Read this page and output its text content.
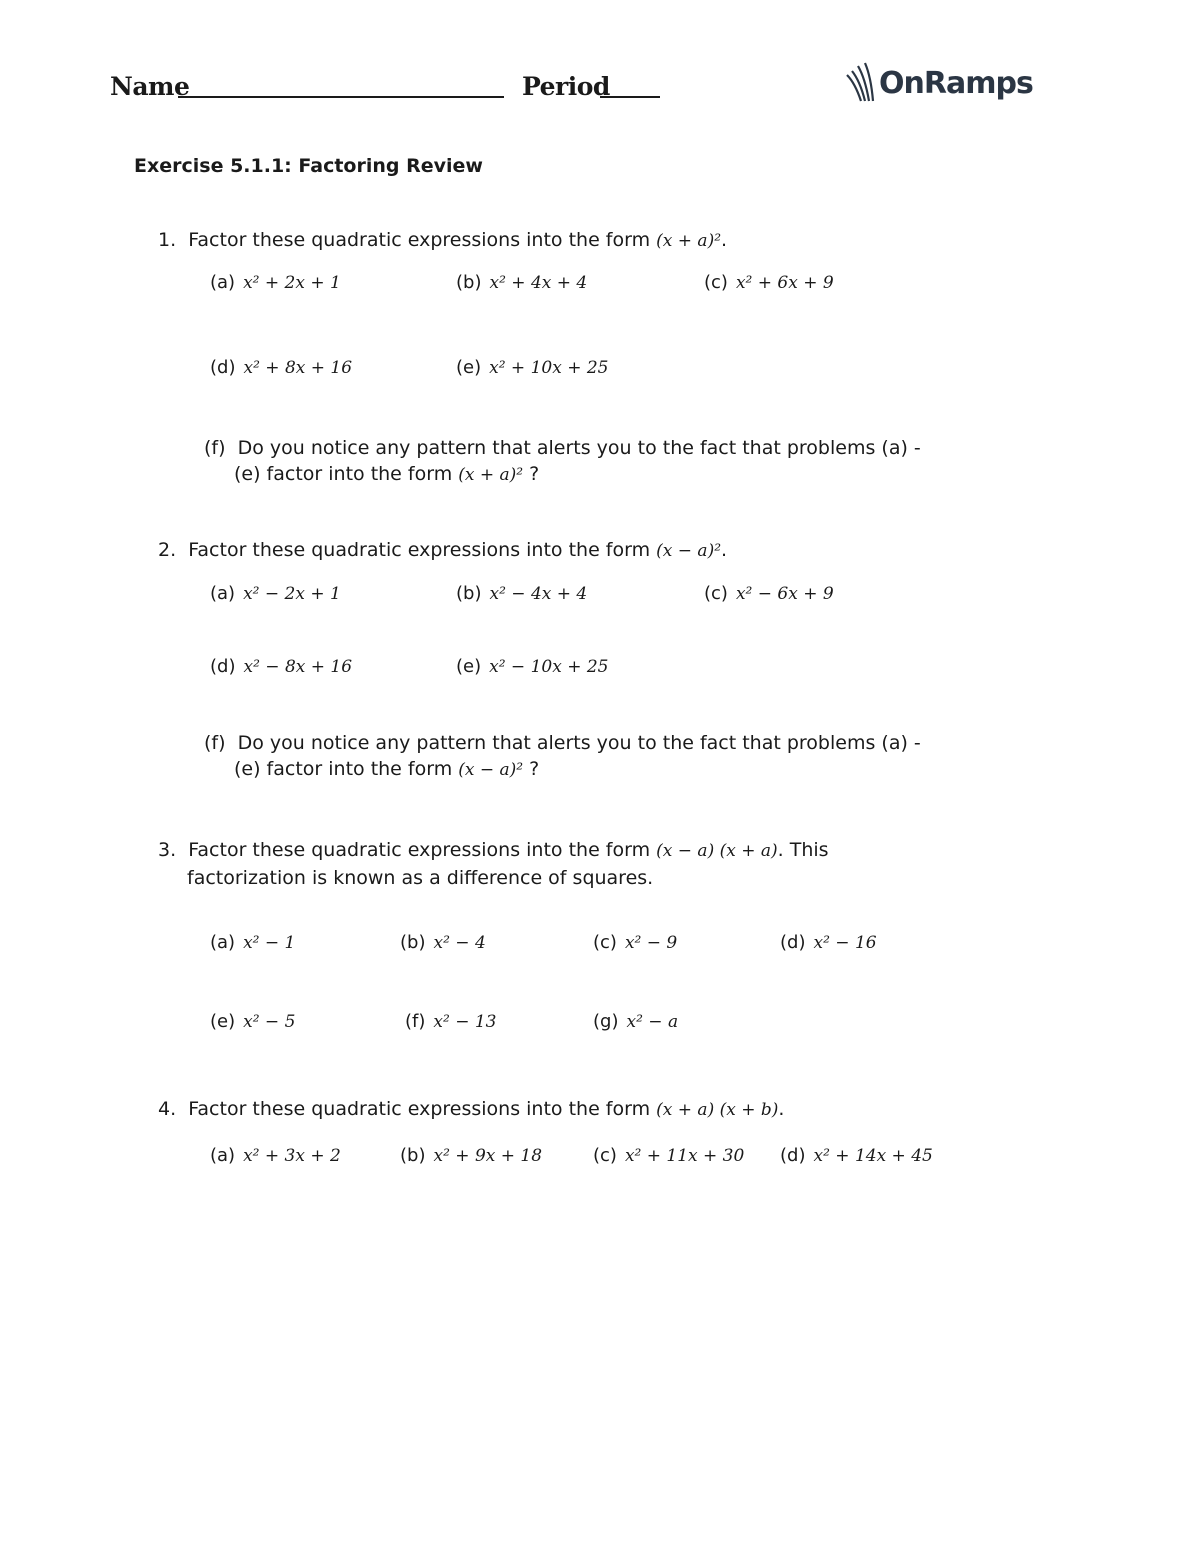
Name	Period	OnRamps
Exercise 5.1.1: Factoring Review
1. Factor these quadratic expressions into the form (x + a)².
(a) x² + 2x + 1	(b) x² + 4x + 4	(c) x² + 6x + 9
(d) x² + 8x + 16	(e) x² + 10x + 25
(f) Do you notice any pattern that alerts you to the fact that problems (a) -
(e) factor into the form (x + a)² ?
2. Factor these quadratic expressions into the form (x − a)².
(a) x² − 2x + 1	(b) x² − 4x + 4	(c) x² − 6x + 9
(d) x² − 8x + 16	(e) x² − 10x + 25
(f) Do you notice any pattern that alerts you to the fact that problems (a) -
(e) factor into the form (x − a)² ?
3. Factor these quadratic expressions into the form (x − a) (x + a). This
factorization is known as a difference of squares.
(a) x² − 1	(b) x² − 4	(c) x² − 9	(d) x² − 16
(e) x² − 5	(f) x² − 13	(g) x² − a
4. Factor these quadratic expressions into the form (x + a) (x + b).
(a) x² + 3x + 2	(b) x² + 9x + 18	(c) x² + 11x + 30 (d) x² + 14x + 45
